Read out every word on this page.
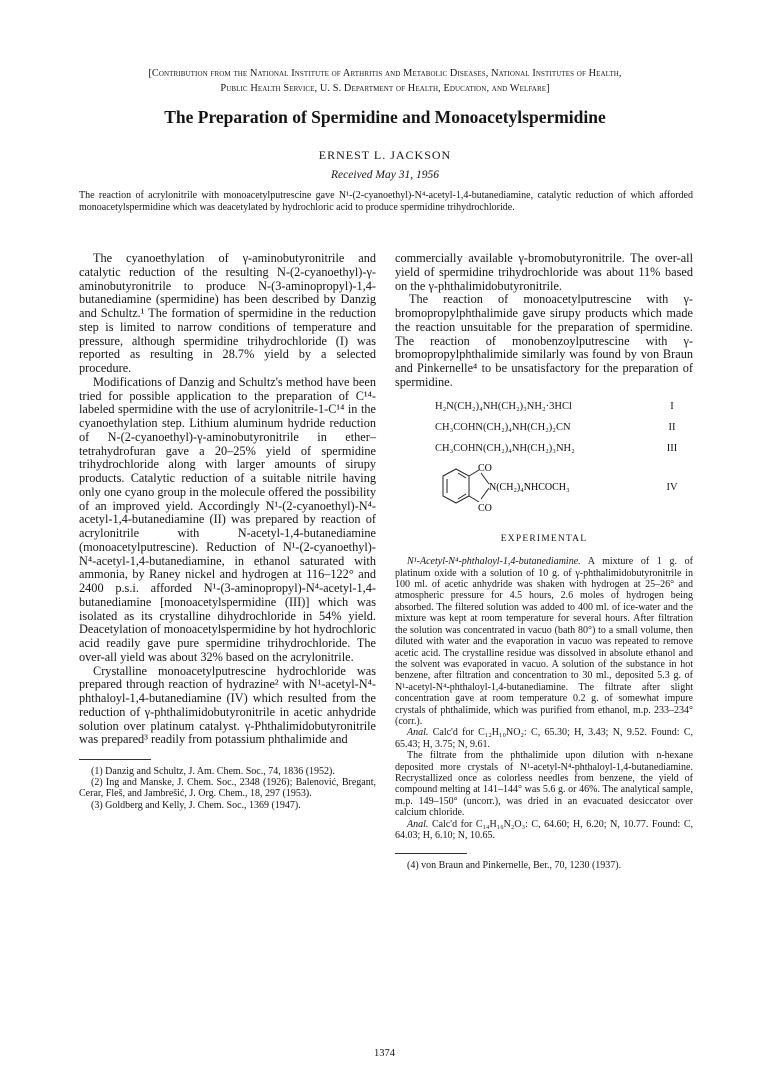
[Contribution from the National Institute of Arthritis and Metabolic Diseases, National Institutes of Health,
Public Health Service, U. S. Department of Health, Education, and Welfare]
The Preparation of Spermidine and Monoacetylspermidine
ERNEST L. JACKSON
Received May 31, 1956
The reaction of acrylonitrile with monoacetylputrescine gave N¹-(2-cyanoethyl)-N⁴-acetyl-1,4-butanediamine, catalytic reduction of which afforded monoacetylspermidine which was deacetylated by hydrochloric acid to produce spermidine trihydrochloride.

The cyanoethylation of γ-aminobutyronitrile and catalytic reduction of the resulting N-(2-cyanoethyl)-γ-aminobutyronitrile to produce N-(3-aminopropyl)-1,4-butanediamine (spermidine) has been described by Danzig and Schultz.¹ The formation of spermidine in the reduction step is limited to narrow conditions of temperature and pressure, although spermidine trihydrochloride (I) was reported as resulting in 28.7% yield by a selected procedure.

Modifications of Danzig and Schultz's method have been tried for possible application to the preparation of C¹⁴-labeled spermidine with the use of acrylonitrile-1-C¹⁴ in the cyanoethylation step. Lithium aluminum hydride reduction of N-(2-cyanoethyl)-γ-aminobutyronitrile in ether–tetrahydrofuran gave a 20–25% yield of spermidine trihydrochloride along with larger amounts of sirupy products. Catalytic reduction of a suitable nitrile having only one cyano group in the molecule offered the possibility of an improved yield. Accordingly N¹-(2-cyanoethyl)-N⁴-acetyl-1,4-butanediamine (II) was prepared by reaction of acrylonitrile with N-acetyl-1,4-butanediamine (monoacetylputrescine). Reduction of N¹-(2-cyanoethyl)-N⁴-acetyl-1,4-butanediamine, in ethanol saturated with ammonia, by Raney nickel and hydrogen at 116–122° and 2400 p.s.i. afforded N¹-(3-aminopropyl)-N⁴-acetyl-1,4-butanediamine [monoacetylspermidine (III)] which was isolated as its crystalline dihydrochloride in 54% yield. Deacetylation of monoacetylspermidine by hot hydrochloric acid readily gave pure spermidine trihydrochloride. The over-all yield was about 32% based on the acrylonitrile.

Crystalline monoacetylputrescine hydrochloride was prepared through reaction of hydrazine² with N¹-acetyl-N⁴-phthaloyl-1,4-butanediamine (IV) which resulted from the reduction of γ-phthalimidobutyronitrile in acetic anhydride solution over platinum catalyst. γ-Phthalimidobutyronitrile was prepared³ readily from potassium phthalimide and

(1) Danzig and Schultz, J. Am. Chem. Soc., 74, 1836 (1952).

(2) Ing and Manske, J. Chem. Soc., 2348 (1926); Balenović, Bregant, Cerar, Fleš, and Jambrešić, J. Org. Chem., 18, 297 (1953).

(3) Goldberg and Kelly, J. Chem. Soc., 1369 (1947).

commercially available γ-bromobutyronitrile. The over-all yield of spermidine trihydrochloride was about 11% based on the γ-phthalimidobutyronitrile.

The reaction of monoacetylputrescine with γ-bromopropylphthalimide gave sirupy products which made the reaction unsuitable for the preparation of spermidine. The reaction of monobenzoylputrescine with γ-bromopropylphthalimide similarly was found by von Braun and Pinkernelle⁴ to be unsatisfactory for the preparation of spermidine.

H₂N(CH₂)₄NH(CH₂)₃NH₂·3HCl	I
CH₃COHN(CH₂)₄NH(CH₂)₂CN	II
CH₃COHN(CH₂)₄NH(CH₂)₃NH₂	III
CO
CO
N(CH₂)₄NHCOCH₃	IV
EXPERIMENTAL

N¹-Acetyl-N⁴-phthaloyl-1,4-butanediamine. A mixture of 1 g. of platinum oxide with a solution of 10 g. of γ-phthalimidobutyronitrile in 100 ml. of acetic anhydride was shaken with hydrogen at 25–26° and atmospheric pressure for 4.5 hours, 2.6 moles of hydrogen being absorbed. The filtered solution was added to 400 ml. of ice-water and the mixture was kept at room temperature for several hours. After filtration the solution was concentrated in vacuo (bath 80°) to a small volume, then diluted with water and the evaporation in vacuo was repeated to remove acetic acid. The crystalline residue was dissolved in absolute ethanol and the solvent was evaporated in vacuo. A solution of the substance in hot benzene, after filtration and concentration to 30 ml., deposited 5.3 g. of N¹-acetyl-N⁴-phthaloyl-1,4-butanediamine. The filtrate after slight concentration gave at room temperature 0.2 g. of somewhat impure crystals of phthalimide, which was purified from ethanol, m.p. 233–234° (corr.).

Anal. Calc'd for C₁₂H₁₀NO₂: C, 65.30; H, 3.43; N, 9.52. Found: C, 65.43; H, 3.75; N, 9.61.

The filtrate from the phthalimide upon dilution with n-hexane deposited more crystals of N¹-acetyl-N⁴-phthaloyl-1,4-butanediamine. Recrystallized once as colorless needles from benzene, the yield of compound melting at 141–144° was 5.6 g. or 46%. The analytical sample, m.p. 149–150° (uncorr.), was dried in an evacuated desiccator over calcium chloride.

Anal. Calc'd for C₁₄H₁₆N₂O₃: C, 64.60; H, 6.20; N, 10.77. Found: C, 64.03; H, 6.10; N, 10.65.

(4) von Braun and Pinkernelle, Ber., 70, 1230 (1937).

1374
